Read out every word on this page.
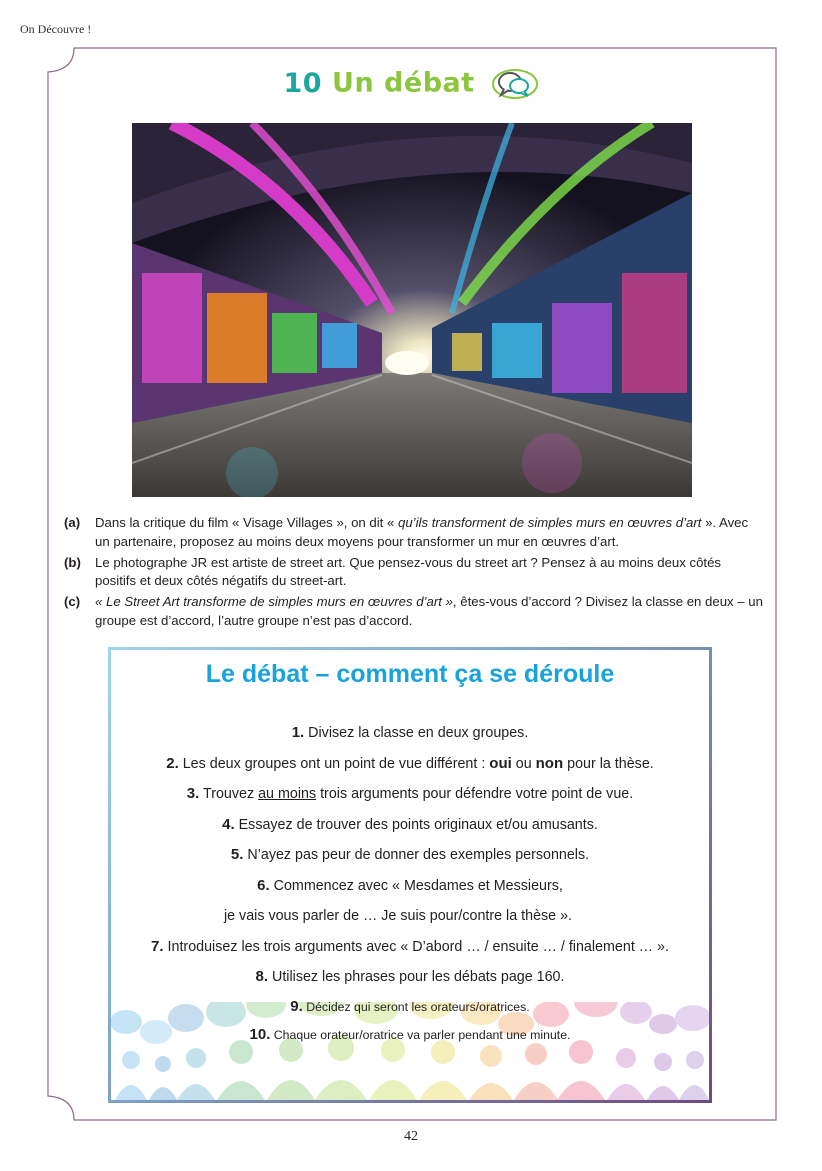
On Découvre !
10 Un débat
(a)	Dans la critique du film « Visage Villages », on dit « qu’ils transforment de simples murs en œuvres d’art ». Avec un partenaire, proposez au moins deux moyens pour transformer un mur en œuvres d’art.
(b)	Le photographe JR est artiste de street art. Que pensez-vous du street art ? Pensez à au moins deux côtés positifs et deux côtés négatifs du street-art.
(c)	« Le Street Art transforme de simples murs en œuvres d’art », êtes-vous d’accord ? Divisez la classe en deux – un groupe est d’accord, l’autre groupe n’est pas d’accord.
Le débat – comment ça se déroule
1. Divisez la classe en deux groupes.
2. Les deux groupes ont un point de vue différent : oui ou non pour la thèse.
3. Trouvez au moins trois arguments pour défendre votre point de vue.
4. Essayez de trouver des points originaux et/ou amusants.
5. N’ayez pas peur de donner des exemples personnels.
6. Commencez avec « Mesdames et Messieurs,
je vais vous parler de … Je suis pour/contre la thèse ».
7. Introduisez les trois arguments avec « D’abord … / ensuite … / finalement … ».
8. Utilisez les phrases pour les débats page 160.
9. Décidez qui seront les orateurs/oratrices.
10. Chaque orateur/oratrice va parler pendant une minute.
42
